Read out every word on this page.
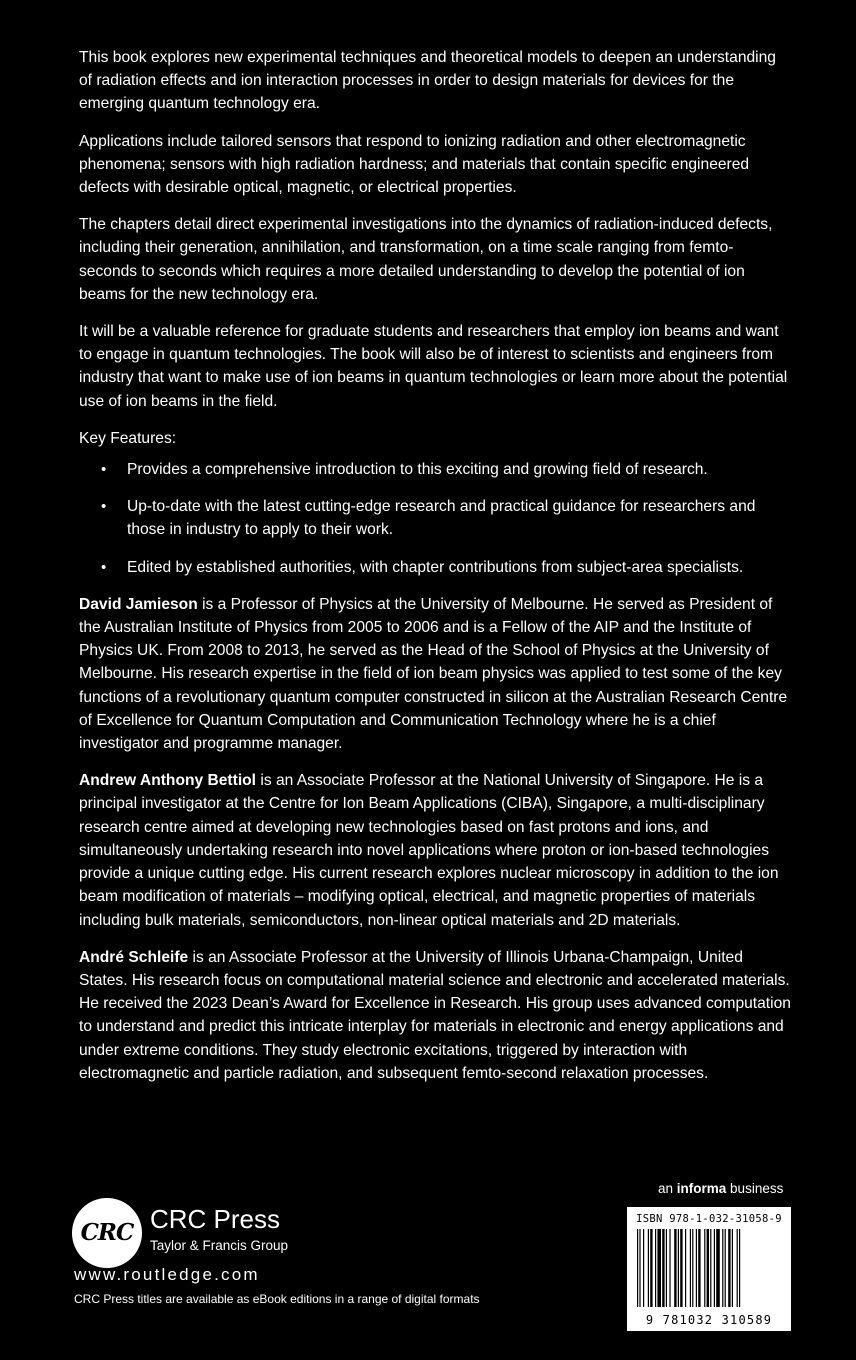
This book explores new experimental techniques and theoretical models to deepen an understanding of radiation effects and ion interaction processes in order to design materials for devices for the emerging quantum technology era.

Applications include tailored sensors that respond to ionizing radiation and other electromagnetic phenomena; sensors with high radiation hardness; and materials that contain specific engineered defects with desirable optical, magnetic, or electrical properties.

The chapters detail direct experimental investigations into the dynamics of radiation-induced defects, including their generation, annihilation, and transformation, on a time scale ranging from femto-seconds to seconds which requires a more detailed understanding to develop the potential of ion beams for the new technology era.

It will be a valuable reference for graduate students and researchers that employ ion beams and want to engage in quantum technologies. The book will also be of interest to scientists and engineers from industry that want to make use of ion beams in quantum technologies or learn more about the potential use of ion beams in the field.

Key Features:

• Provides a comprehensive introduction to this exciting and growing field of research.
• Up-to-date with the latest cutting-edge research and practical guidance for researchers and those in industry to apply to their work.
• Edited by established authorities, with chapter contributions from subject-area specialists.

David Jamieson is a Professor of Physics at the University of Melbourne. He served as President of the Australian Institute of Physics from 2005 to 2006 and is a Fellow of the AIP and the Institute of Physics UK. From 2008 to 2013, he served as the Head of the School of Physics at the University of Melbourne. His research expertise in the field of ion beam physics was applied to test some of the key functions of a revolutionary quantum computer constructed in silicon at the Australian Research Centre of Excellence for Quantum Computation and Communication Technology where he is a chief investigator and programme manager.

Andrew Anthony Bettiol is an Associate Professor at the National University of Singapore. He is a principal investigator at the Centre for Ion Beam Applications (CIBA), Singapore, a multi-disciplinary research centre aimed at developing new technologies based on fast protons and ions, and simultaneously undertaking research into novel applications where proton or ion-based technologies provide a unique cutting edge. His current research explores nuclear microscopy in addition to the ion beam modification of materials – modifying optical, electrical, and magnetic properties of materials including bulk materials, semiconductors, non-linear optical materials and 2D materials.

André Schleife is an Associate Professor at the University of Illinois Urbana-Champaign, United States. His research focus on computational material science and electronic and accelerated materials. He received the 2023 Dean’s Award for Excellence in Research. His group uses advanced computation to understand and predict this intricate interplay for materials in electronic and energy applications and under extreme conditions. They study electronic excitations, triggered by interaction with electromagnetic and particle radiation, and subsequent femto-second relaxation processes.

CRC CRC Press
Taylor & Francis Group
www.routledge.com
CRC Press titles are available as eBook editions in a range of digital formats
an informa business
ISBN 978-1-032-31058-9
9 781032 310589
